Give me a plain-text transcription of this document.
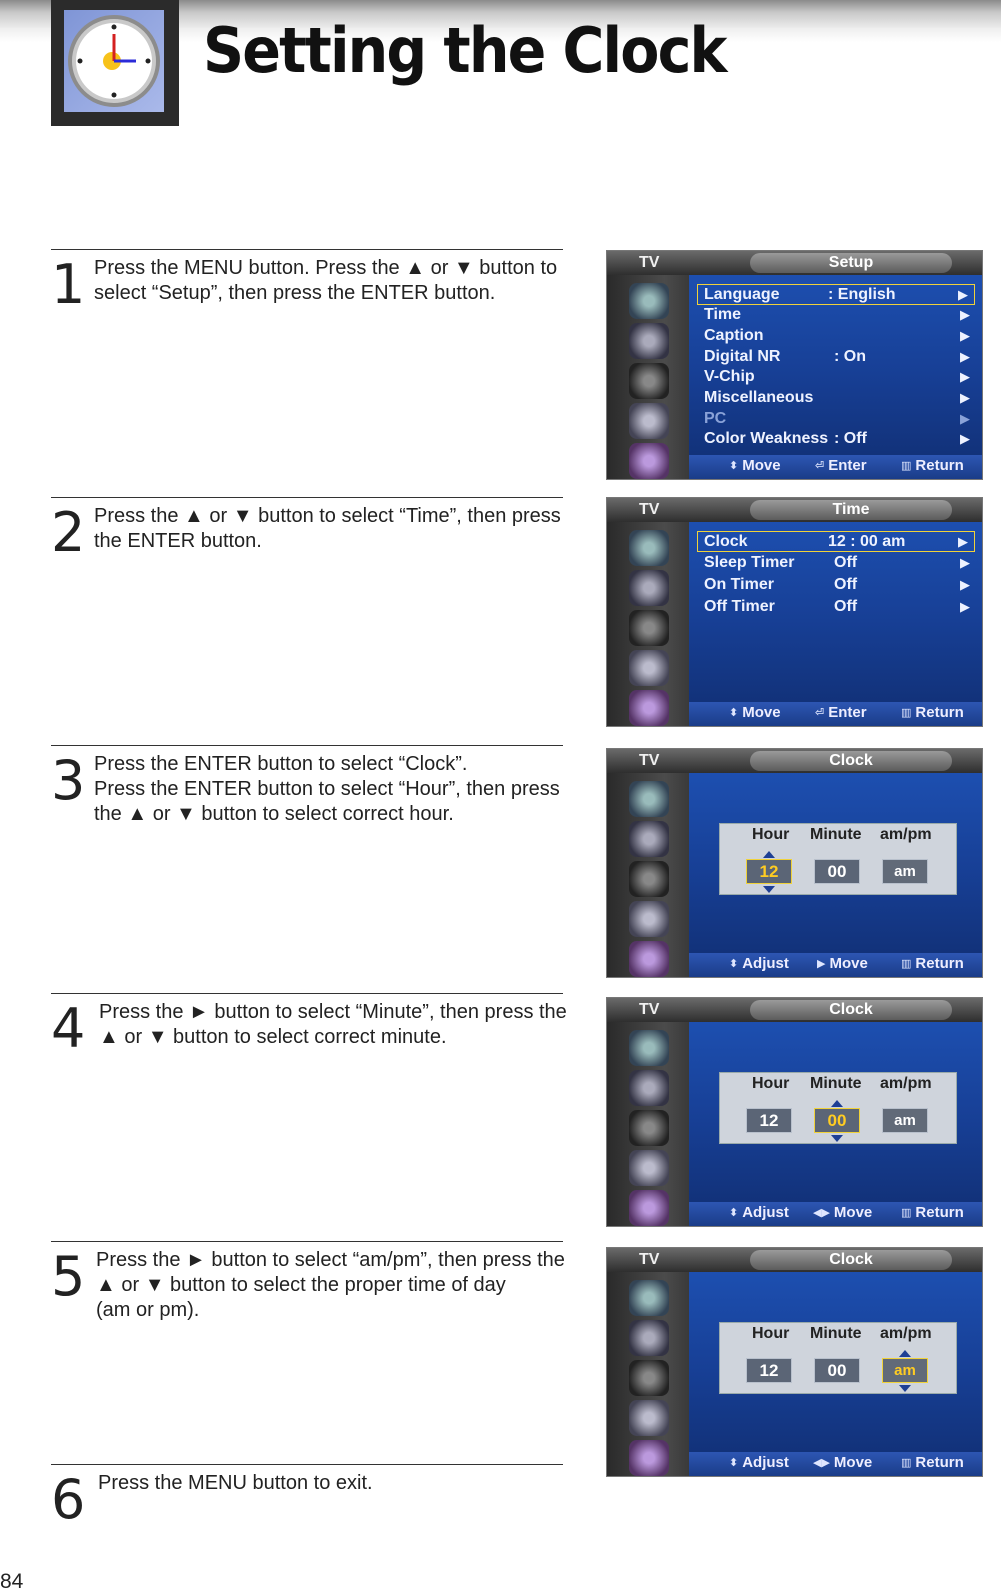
Setting the Clock
1 Press the MENU button. Press the ▲ or ▼ button to
select “Setup”, then press the ENTER button.
2 Press the ▲ or ▼ button to select “Time”, then press
the ENTER button.
3 Press the ENTER button to select “Clock”.
Press the ENTER button to select “Hour”, then press
the ▲ or ▼ button to select correct hour.
4 Press the ► button to select “Minute”, then press the
▲ or ▼ button to select correct minute.
5 Press the ► button to select “am/pm”, then press the
▲ or ▼ button to select the proper time of day
(am or pm).
6 Press the MENU button to exit.
TV	Setup
Language	: English	▶
Time	▶
Caption	▶
Digital NR	: On	▶
V-Chip	▶
Miscellaneous	▶
PC	▶
Color Weakness : Off	▶
⬍ Move	⏎ Enter	▥ Return
TV	Time
Clock	12 : 00 am	▶
Sleep Timer Off	▶
On Timer	Off	▶
Off Timer	Off	▶
⬍ Move	⏎ Enter	▥ Return
TV	Clock
Hour Minute am/pm
12	00	am
⬍ Adjust	▶ Move	▥ Return
TV	Clock
Hour Minute am/pm
12	00	am
⬍ Adjust ◀▶ Move	▥ Return
TV	Clock
Hour Minute am/pm
12	00	am
⬍ Adjust ◀▶ Move	▥ Return
84
